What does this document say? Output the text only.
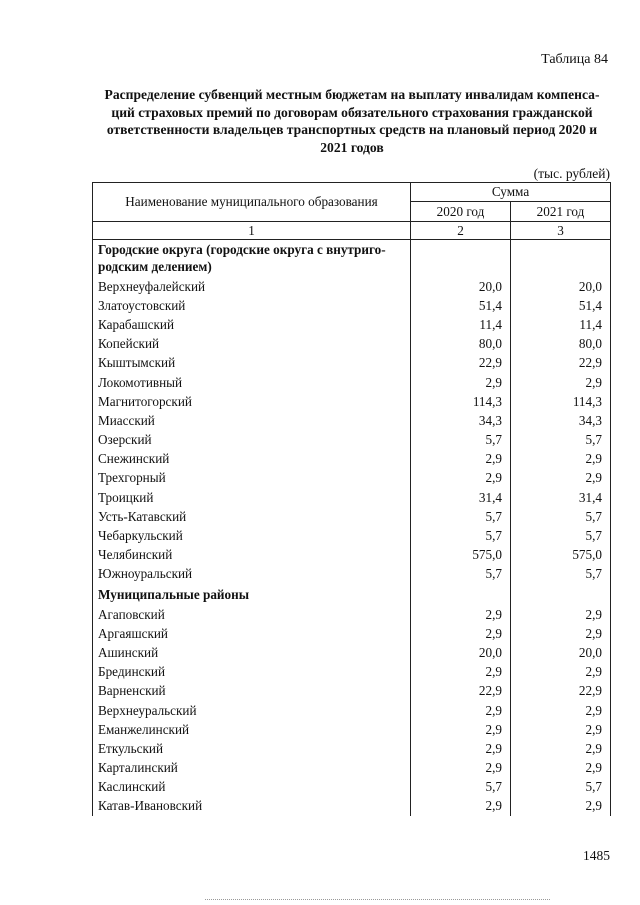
Таблица 84
Распределение субвенций местным бюджетам на выплату инвалидам компенса-
ций страховых премий по договорам обязательного страхования гражданской
ответственности владельцев транспортных средств на плановый период 2020 и
2021 годов
(тыс. рублей)
Наименование муниципального образования	Сумма	
	2020 год	2021 год
1	2	3

Городские округа (городские округа с внутриго-
родским делением)		

Верхнеуфалейский	20,0	20,0
Златоустовский	51,4	51,4
Карабашский	11,4	11,4
Копейский	80,0	80,0
Кыштымский	22,9	22,9
Локомотивный	2,9	2,9
Магнитогорский	114,3	114,3
Миасский	34,3	34,3
Озерский	5,7	5,7
Снежинский	2,9	2,9
Трехгорный	2,9	2,9
Троицкий	31,4	31,4
Усть-Катавский	5,7	5,7
Чебаркульский	5,7	5,7
Челябинский	575,0	575,0
Южноуральский	5,7	5,7

Муниципальные районы		

Агаповский	2,9	2,9
Аргаяшский	2,9	2,9
Ашинский	20,0	20,0
Брединский	2,9	2,9
Варненский	22,9	22,9
Верхнеуральский	2,9	2,9
Еманжелинский	2,9	2,9
Еткульский	2,9	2,9
Карталинский	2,9	2,9
Каслинский	5,7	5,7
Катав-Ивановский	2,9	2,9
1485
